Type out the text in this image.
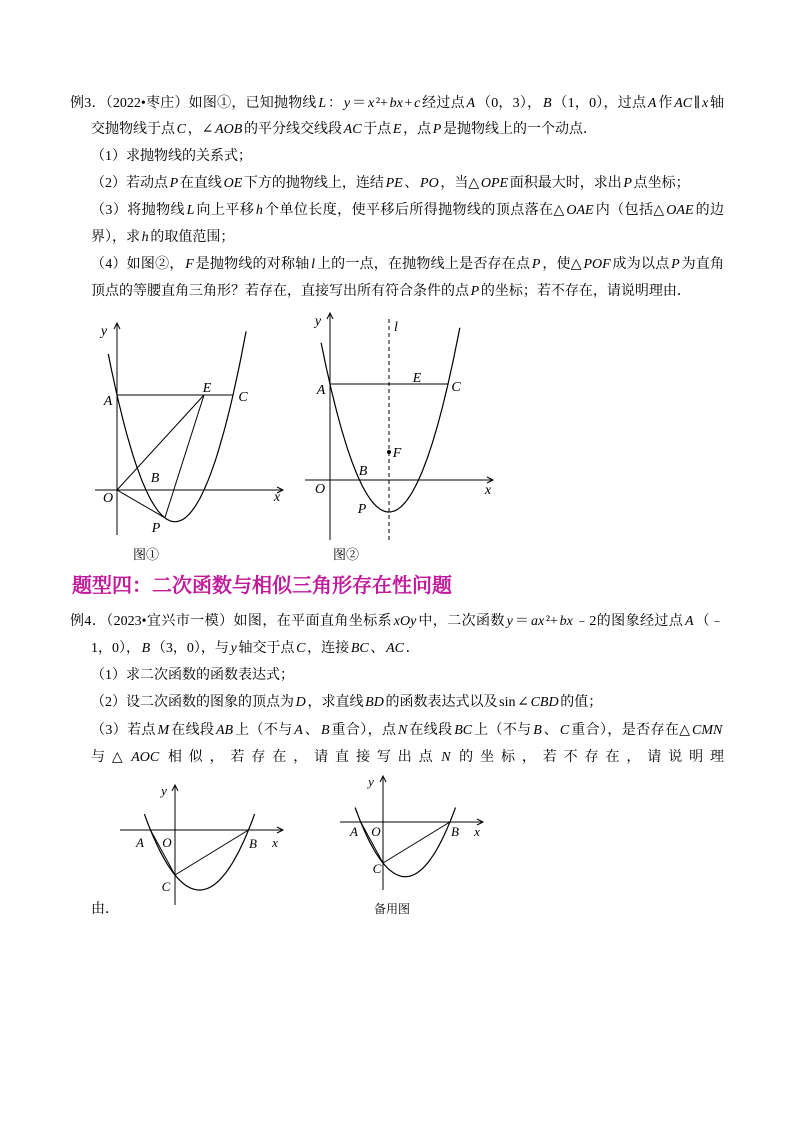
例3．（2022•枣庄）如图①，已知抛物线 L ： y ＝ x ²+ bx + c 经过点 A （0，3）， B （1，0），过点 A 作 AC ∥ x 轴
交抛物线于点 C ，∠ AOB 的平分线交线段 AC 于点 E ，点 P 是抛物线上的一个动点．
（1）求抛物线的关系式；
（2）若动点 P 在直线 OE 下方的抛物线上，连结 PE 、 PO ，当△ OPE 面积最大时，求出 P 点坐标；
（3）将抛物线 L 向上平移 h 个单位长度，使平移后所得抛物线的顶点落在△ OAE 内（包括△ OAE 的边
界），求 h 的取值范围；
（4）如图②， F 是抛物线的对称轴 l 上的一点，在抛物线上是否存在点 P ，使△ POF 成为以点 P 为直角
顶点的等腰直角三角形？若存在，直接写出所有符合条件的点 P 的坐标；若不存在，请说明理由．
y
A
E
C
B
O	x
P
图①
y	l
A
E
C
F
B
O	x
P
图②
题型四：二次函数与相似三角形存在性问题
例4．（2023•宜兴市一模）如图，在平面直角坐标系 xOy 中，二次函数 y ＝ ax ²+ bx ﹣2的图象经过点 A （﹣
1，0）， B （3，0），与 y 轴交于点 C ，连接 BC 、 AC ．
（1）求二次函数的函数表达式；
（2）设二次函数的图象的顶点为 D ，求直线 BD 的函数表达式以及 sin ∠ CBD 的值；
（3）若点 M 在线段 AB 上（不与 A 、 B 重合），点 N 在线段 BC 上（不与 B 、 C 重合），是否存在△ CMN
与△ AOC 相似，若存在，请直接写出点 N 的坐标，若不存在，请说明理
y
A O	B x
C
y
A O	B x
C
由．	备用图
